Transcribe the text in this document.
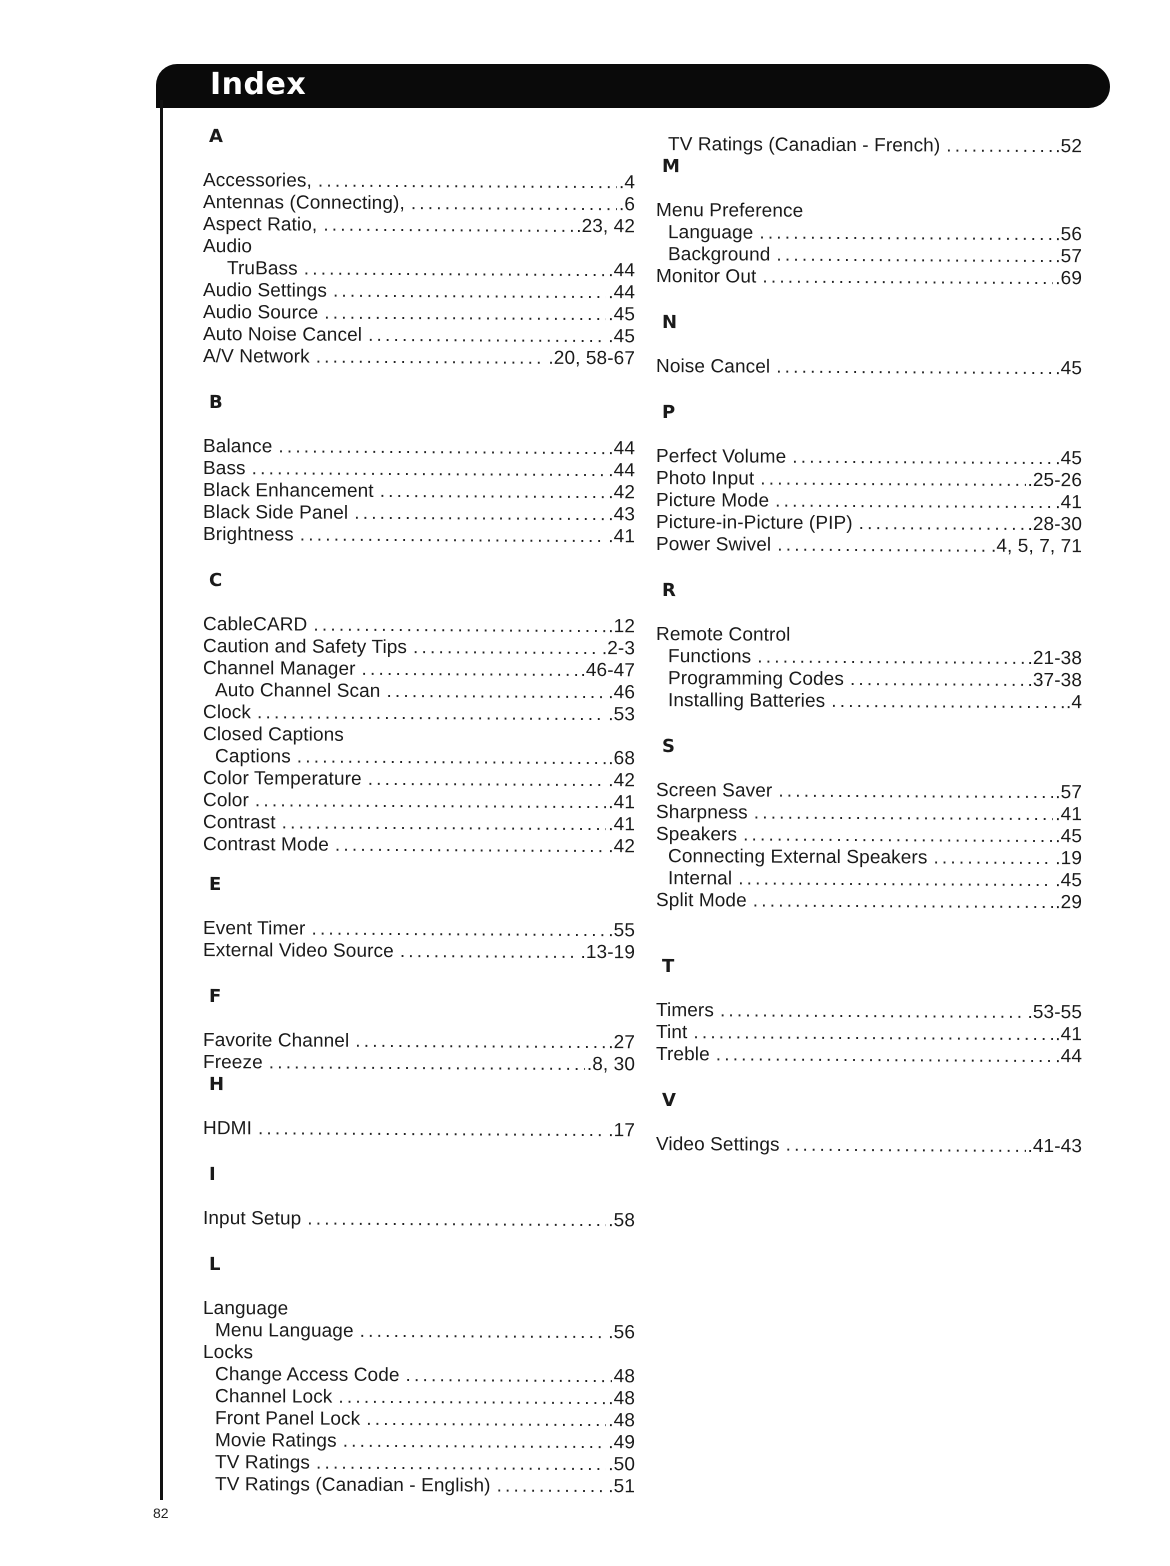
Index
A
Accessories, .....	.4
Antennas (Connecting), .....	.6
Aspect Ratio, .....	.23, 42
Audio
TruBass .....	.44
Audio Settings .....	.44
Audio Source .....	.45
Auto Noise Cancel .....	.45
A/V Network .....	.20, 58-67
B
Balance .....	.44
Bass .....	.44
Black Enhancement .....	.42
Black Side Panel .....	.43
Brightness .....	.41
C
CableCARD .....	.12
Caution and Safety Tips .....	.2-3
Channel Manager .....	.46-47
Auto Channel Scan .....	.46
Clock .....	.53
Closed Captions
Captions .....	.68
Color Temperature .....	.42
Color .....	.41
Contrast .....	.41
Contrast Mode .....	.42
E
Event Timer .....	.55
External Video Source .....	.13-19
F
Favorite Channel .....	.27
Freeze .....	.8, 30
H
HDMI .....	.17
I
Input Setup .....	.58
L
Language
Menu Language .....	.56
Locks
Change Access Code .....	48
Channel Lock .....	.48
Front Panel Lock .....	.48
Movie Ratings .....	.49
TV Ratings .....	.50
TV Ratings (Canadian - English) .....	.51
TV Ratings (Canadian - French) .....	.52
M
Menu Preference
Language .....	.56
Background .....	.57
Monitor Out .....	.69
N
Noise Cancel .....	.45
P
Perfect Volume .....	.45
Photo Input .....	.25-26
Picture Mode .....	.41
Picture-in-Picture (PIP) .....	.28-30
Power Swivel .....	.4, 5, 7, 71
R
Remote Control
Functions .....	.21-38
Programming Codes .....	.37-38
Installing Batteries .....	.4
S
Screen Saver .....	.57
Sharpness .....	.41
Speakers .....	.45
Connecting External Speakers .....	.19
Internal .....	.45
Split Mode .....	.29
T
Timers .....	.53-55
Tint .....	.41
Treble .....	.44
V
Video Settings .....	.41-43
82
